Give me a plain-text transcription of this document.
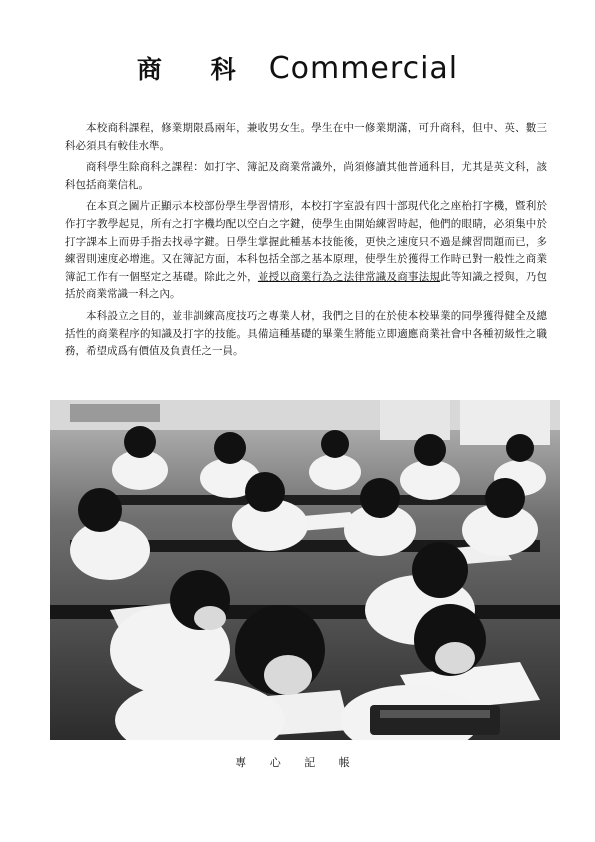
商 科 Commercial

本校商科課程，修業期限爲兩年，兼收男女生。學生在中一修業期滿，可升商科，但中、英、數三科必須具有較佳水準。

商科學生除商科之課程：如打字、簿記及商業常識外，尚須修讀其他普通科目，尤其是英文科，該科包括商業信札。

在本頁之圖片正顯示本校部份學生學習情形，本校打字室設有四十部現代化之座枱打字機，暨利於作打字教學起見，所有之打字機均配以空白之字鍵，使學生由開始練習時起，他們的眼睛，必須集中於打字課本上而毋手指去找尋字鍵。日學生掌握此種基本技能後，更快之速度只不過是練習問題而已，多練習則速度必增進。又在簿記方面，本科包括全部之基本原理，使學生於獲得工作時已對一般性之商業簿記工作有一個堅定之基礎。除此之外，並授以商業行為之法律常識及商事法規此等知識之授與，乃包括於商業常識一科之內。

本科設立之目的，並非訓練高度技巧之專業人材，我們之目的在於使本校畢業的同學獲得健全及總括性的商業程序的知識及打字的技能。具備這種基礎的畢業生將能立即適應商業社會中各種初級性之職務，希望成爲有價值及負責任之一員。

專 心 記 帳
